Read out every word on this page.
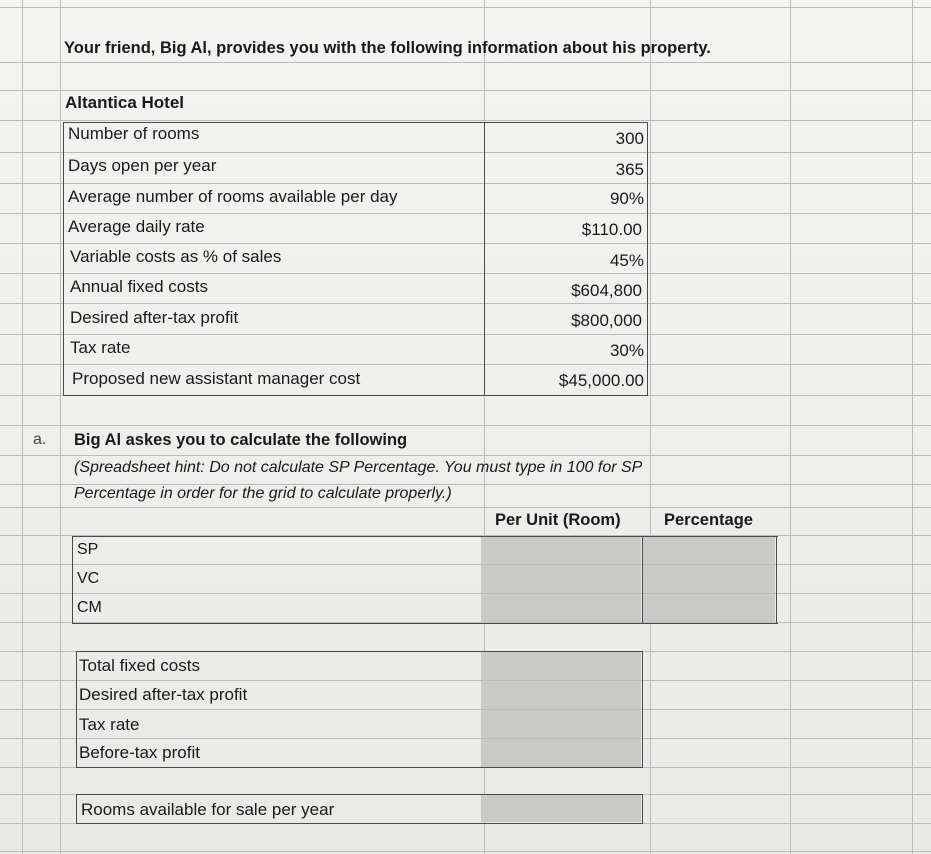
Your friend, Big Al, provides you with the following information about his property.
Altantica Hotel
Number of rooms	300
Days open per year	365
Average number of rooms available per day	90%
Average daily rate	$110.00
Variable costs as % of sales	45%
Annual fixed costs	$604,800
Desired after-tax profit	$800,000
Tax rate	30%
Proposed new assistant manager cost	$45,000.00
a. Big Al askes you to calculate the following
(Spreadsheet hint: Do not calculate SP Percentage. You must type in 100 for SP
Percentage in order for the grid to calculate properly.)
Per Unit (Room)	Percentage
SP
VC
CM
Total fixed costs
Desired after-tax profit
Tax rate
Before-tax profit
Rooms available for sale per year
